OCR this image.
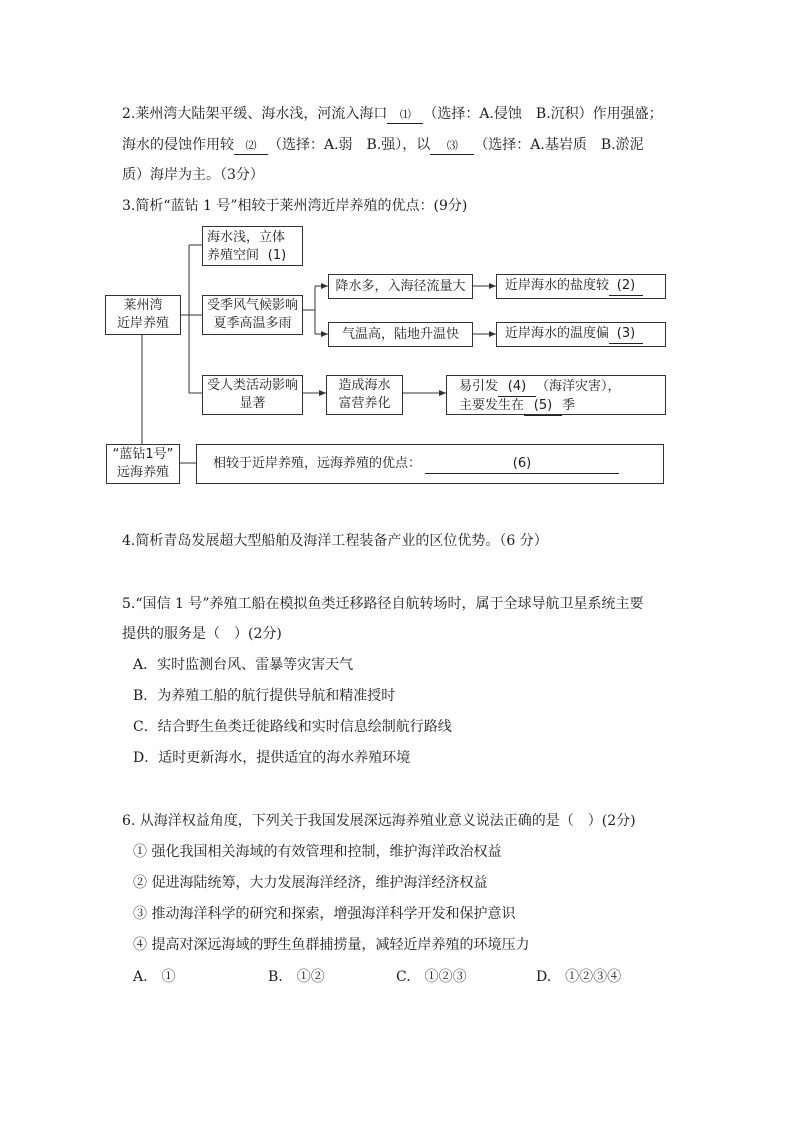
2.莱州湾大陆架平缓、海水浅，河流入海口 ⑴ （选择：A.侵蚀　B.沉积）作用强盛；
海水的侵蚀作用较 ⑵ （选择：A.弱　B.强），以 ⑶ （选择：A.基岩质　B.淤泥
质）海岸为主。（3分）
3.简析“蓝钻 1 号”相较于莱州湾近岸养殖的优点：(9分)
莱州湾
近岸养殖
海水浅，立体
养殖空间 (1)
受季风气候影响
夏季高温多雨
受人类活动影响
显著
降水多，入海径流量大
气温高，陆地升温快
造成海水
富营养化
近岸海水的盐度较 (2)
近岸海水的温度偏 (3)
易引发 (4) （海洋灾害），
主要发生在 (5) 季
“蓝钻1号”
远海养殖
相较于近岸养殖，远海养殖的优点：	(6)
4.简析青岛发展超大型船舶及海洋工程装备产业的区位优势。（6 分）
5.“国信 1 号”养殖工船在模拟鱼类迁移路径自航转场时，属于全球导航卫星系统主要
提供的服务是（　）(2分)
A．实时监测台风、雷暴等灾害天气
B．为养殖工船的航行提供导航和精准授时
C．结合野生鱼类迁徙路线和实时信息绘制航行路线
D．适时更新海水，提供适宜的海水养殖环境
6. 从海洋权益角度，下列关于我国发展深远海养殖业意义说法正确的是（　）(2分)
① 强化我国相关海域的有效管理和控制，维护海洋政治权益
② 促进海陆统筹，大力发展海洋经济，维护海洋经济权益
③ 推动海洋科学的研究和探索，增强海洋科学开发和保护意识
④ 提高对深远海域的野生鱼群捕捞量，减轻近岸养殖的环境压力
A.　①	B.　①②	C.　①②③	D.　①②③④
